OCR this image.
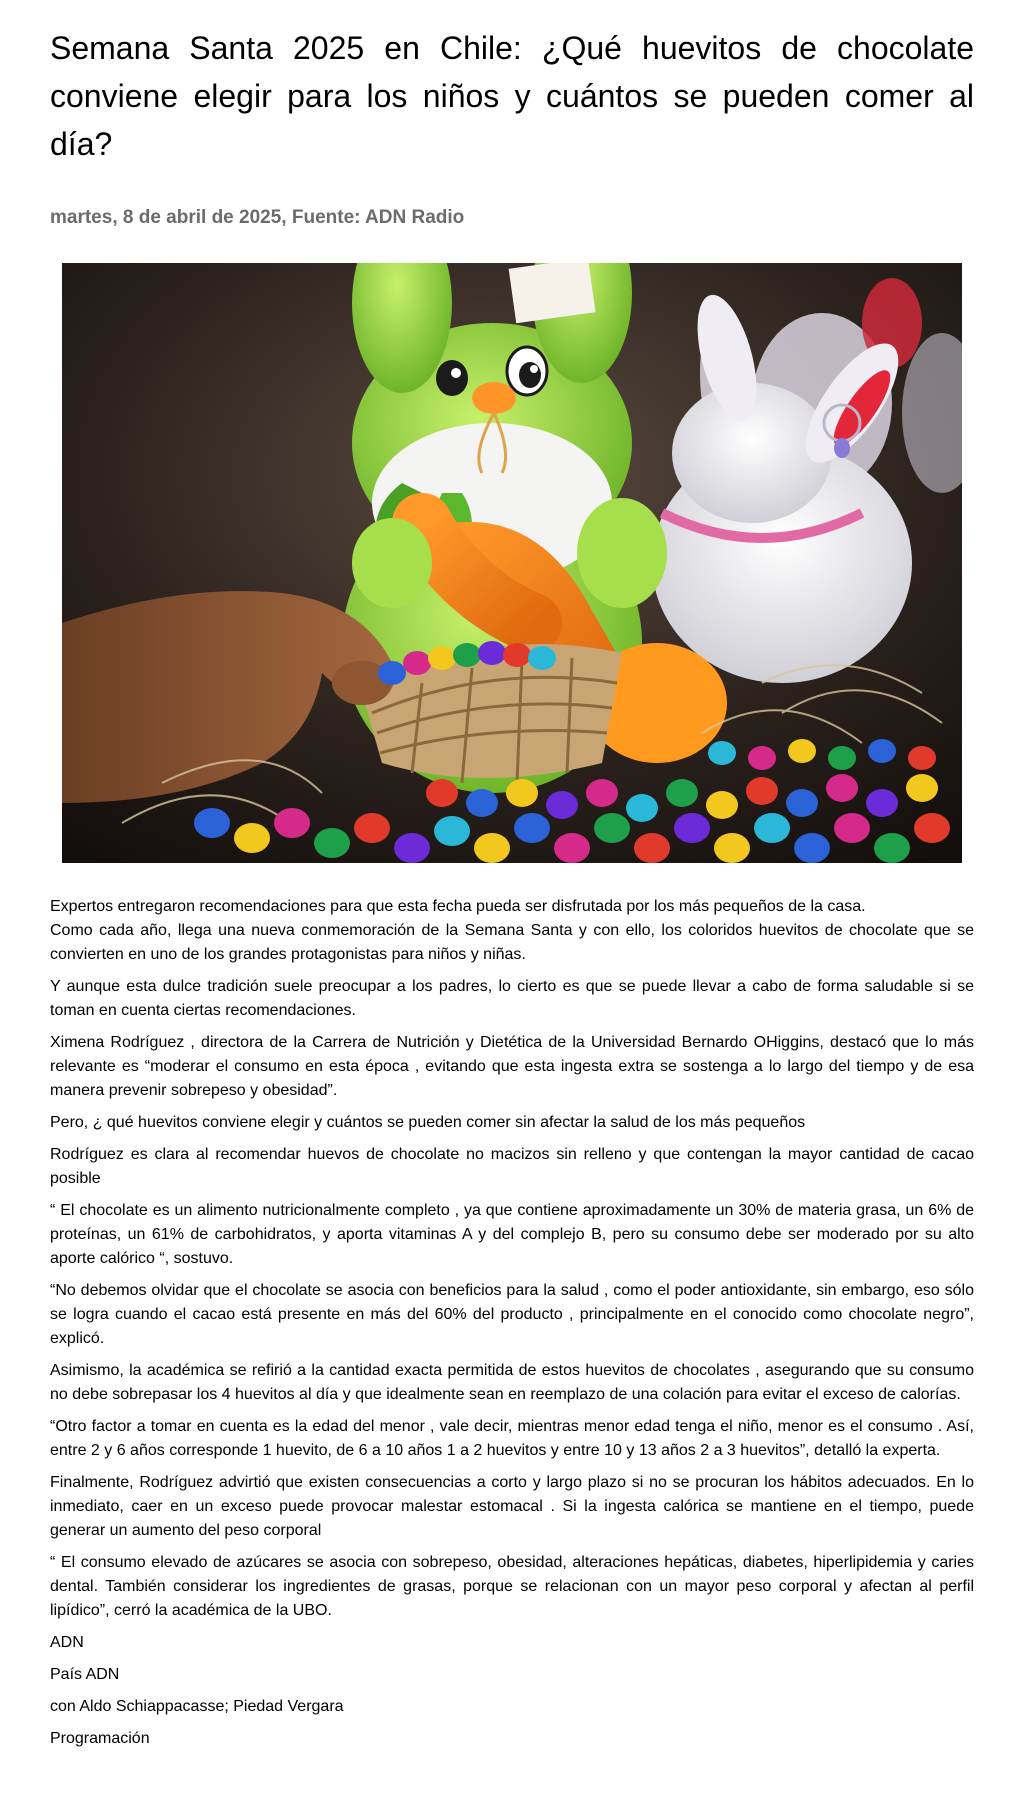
Semana Santa 2025 en Chile: ¿Qué huevitos de chocolate conviene elegir para los niños y cuántos se pueden comer al día?
martes, 8 de abril de 2025, Fuente: ADN Radio

Expertos entregaron recomendaciones para que esta fecha pueda ser disfrutada por los más pequeños de la casa.

Como cada año, llega una nueva conmemoración de la Semana Santa y con ello, los coloridos huevitos de chocolate que se convierten en uno de los grandes protagonistas para niños y niñas.

Y aunque esta dulce tradición suele preocupar a los padres, lo cierto es que se puede llevar a cabo de forma saludable si se toman en cuenta ciertas recomendaciones.

Ximena Rodríguez , directora de la Carrera de Nutrición y Dietética de la Universidad Bernardo OHiggins, destacó que lo más relevante es “moderar el consumo en esta época , evitando que esta ingesta extra se sostenga a lo largo del tiempo y de esa manera prevenir sobrepeso y obesidad”.

Pero, ¿ qué huevitos conviene elegir y cuántos se pueden comer sin afectar la salud de los más pequeños

Rodríguez es clara al recomendar huevos de chocolate no macizos sin relleno y que contengan la mayor cantidad de cacao posible

“ El chocolate es un alimento nutricionalmente completo , ya que contiene aproximadamente un 30% de materia grasa, un 6% de proteínas, un 61% de carbohidratos, y aporta vitaminas A y del complejo B, pero su consumo debe ser moderado por su alto aporte calórico “, sostuvo.

“No debemos olvidar que el chocolate se asocia con beneficios para la salud , como el poder antioxidante, sin embargo, eso sólo se logra cuando el cacao está presente en más del 60% del producto , principalmente en el conocido como chocolate negro”, explicó.

Asimismo, la académica se refirió a la cantidad exacta permitida de estos huevitos de chocolates , asegurando que su consumo no debe sobrepasar los 4 huevitos al día y que idealmente sean en reemplazo de una colación para evitar el exceso de calorías.

“Otro factor a tomar en cuenta es la edad del menor , vale decir, mientras menor edad tenga el niño, menor es el consumo . Así, entre 2 y 6 años corresponde 1 huevito, de 6 a 10 años 1 a 2 huevitos y entre 10 y 13 años 2 a 3 huevitos”, detalló la experta.

Finalmente, Rodríguez advirtió que existen consecuencias a corto y largo plazo si no se procuran los hábitos adecuados. En lo inmediato, caer en un exceso puede provocar malestar estomacal . Si la ingesta calórica se mantiene en el tiempo, puede generar un aumento del peso corporal

“ El consumo elevado de azúcares se asocia con sobrepeso, obesidad, alteraciones hepáticas, diabetes, hiperlipidemia y caries dental. También considerar los ingredientes de grasas, porque se relacionan con un mayor peso corporal y afectan al perfil lipídico”, cerró la académica de la UBO.

ADN

País ADN

con Aldo Schiappacasse; Piedad Vergara

Programación
